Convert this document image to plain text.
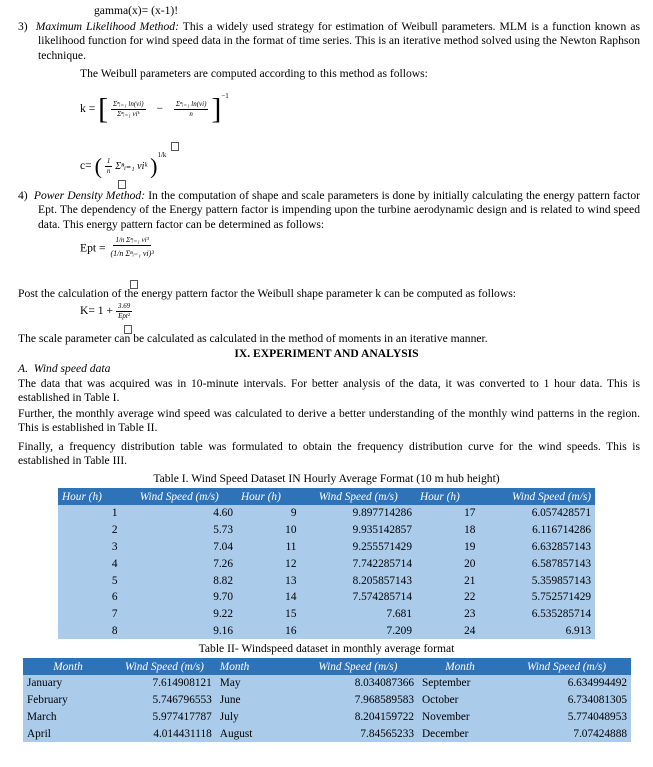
gamma(x)= (x-1)!
3) Maximum Likelihood Method: This a widely used strategy for estimation of Weibull parameters. MLM is a function known as likelihood function for wind speed data in the format of time series. This is an iterative method solved using the Newton Raphson technique.
The Weibull parameters are computed according to this method as follows:
k = [ $\frac{\text{Σⁿᵢ₌₁ ln(vi)}}{\text{Σⁿᵢ₌₁ viᵏ}} - \frac{\text{Σⁿᵢ₌₁ ln(vi)}}{n} ]^{-1}$
c= ( $\frac{1}{n}$ Σⁿᵢ₌₁ viᵏ )$^{1/k}$
4) Power Density Method: In the computation of shape and scale parameters is done by initially calculating the energy pattern factor Ept. The dependency of the Energy pattern factor is impending upon the turbine aerodynamic design and is related to wind speed data. This energy pattern factor can be determined as follows:
Ept = $\frac{\text{1/n Σⁿᵢ₌₁ vi³}}{\text{(1/n Σⁿᵢ₌₁ vi)³}}$
Post the calculation of the energy pattern factor the Weibull shape parameter k can be computed as follows:
$K= 1 + \frac{3.69}{\text{Ept²}}$
The scale parameter can be calculated as calculated in the method of moments in an iterative manner.
IX. EXPERIMENT AND ANALYSIS
A. Wind speed data
The data that was acquired was in 10-minute intervals. For better analysis of the data, it was converted to 1 hour data. This is established in Table I.
Further, the monthly average wind speed was calculated to derive a better understanding of the monthly wind patterns in the region. This is established in Table II.
Finally, a frequency distribution table was formulated to obtain the frequency distribution curve for the wind speeds. This is established in Table III.
Table I. Wind Speed Dataset IN Hourly Average Format (10 m hub height)
Hour (h)	Wind Speed (m/s)	Hour (h)	Wind Speed (m/s)	Hour (h)	Wind Speed (m/s)
1	4.60	9	9.897714286	17	6.057428571
2	5.73	10	9.935142857	18	6.116714286
3	7.04	11	9.255571429	19	6.632857143
4	7.26	12	7.742285714	20	6.587857143
5	8.82	13	8.205857143	21	5.359857143
6	9.70	14	7.574285714	22	5.752571429
7	9.22	15	7.681	23	6.535285714
8	9.16	16	7.209	24	6.913
Table II- Windspeed dataset in monthly average format
Month	Wind Speed (m/s)	Month	Wind Speed (m/s)	Month	Wind Speed (m/s)
January	7.614908121	May	8.034087366	September	6.634994492
February	5.746796553	June	7.968589583	October	6.734081305
March	5.977417787	July	8.204159722	November	5.774048953
April	4.014431118	August	7.84565233	December	7.07424888
